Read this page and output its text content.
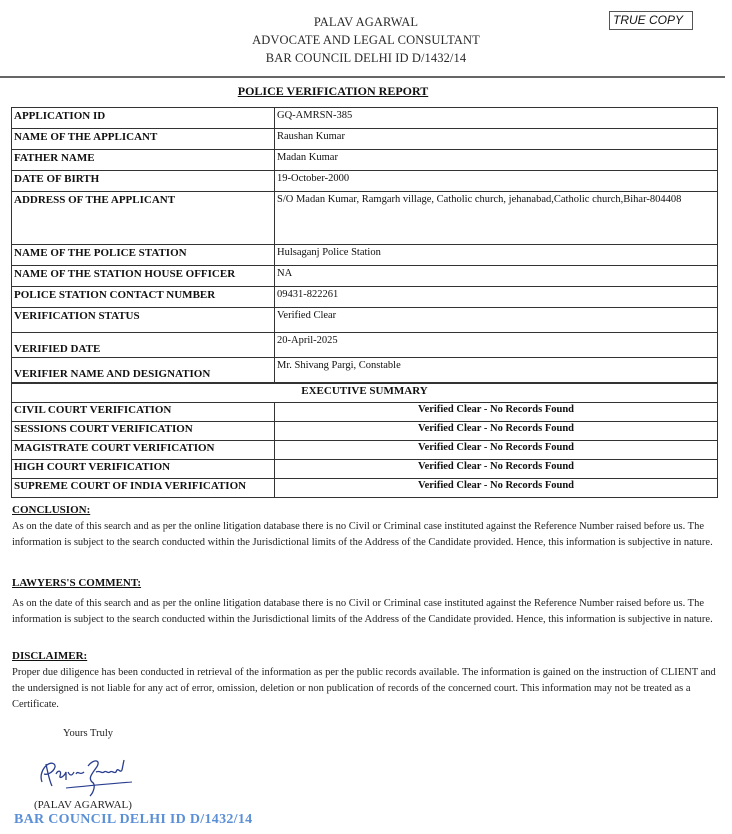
PALAV AGARWAL
ADVOCATE AND LEGAL CONSULTANT
BAR COUNCIL DELHI ID D/1432/14
TRUE COPY
POLICE VERIFICATION REPORT
APPLICATION ID	GQ-AMRSN-385
NAME OF THE APPLICANT	Raushan Kumar
FATHER NAME	Madan Kumar
DATE OF BIRTH	19-October-2000
ADDRESS OF THE APPLICANT	S/O Madan Kumar, Ramgarh village, Catholic church, jehanabad,Catholic church,Bihar-804408
NAME OF THE POLICE STATION	Hulsaganj Police Station
NAME OF THE STATION HOUSE OFFICER	NA
POLICE STATION CONTACT NUMBER	09431-822261
VERIFICATION STATUS	Verified Clear
VERIFIED DATE	20-April-2025
VERIFIER NAME AND DESIGNATION	Mr. Shivang Pargi, Constable
EXECUTIVE SUMMARY	
CIVIL COURT VERIFICATION	Verified Clear - No Records Found
SESSIONS COURT VERIFICATION	Verified Clear - No Records Found
MAGISTRATE COURT VERIFICATION	Verified Clear - No Records Found
HIGH COURT VERIFICATION	Verified Clear - No Records Found
SUPREME COURT OF INDIA VERIFICATION	Verified Clear - No Records Found
CONCLUSION:

As on the date of this search and as per the online litigation database there is no Civil or Criminal case instituted against the Reference Number raised before us. The information is subject to the search conducted within the Jurisdictional limits of the Address of the Candidate provided. Hence, this information is subjective in nature.

LAWYERS'S COMMENT:

As on the date of this search and as per the online litigation database there is no Civil or Criminal case instituted against the Reference Number raised before us. The information is subject to the search conducted within the Jurisdictional limits of the Address of the Candidate provided. Hence, this information is subjective in nature.

DISCLAIMER:

Proper due diligence has been conducted in retrieval of the information as per the public records available. The information is gained on the instruction of CLIENT and the undersigned is not liable for any act of error, omission, deletion or non publication of records of the concerned court. This information may not be treated as a Certificate.

Yours Truly
(PALAV AGARWAL)
BAR COUNCIL DELHI ID D/1432/14
